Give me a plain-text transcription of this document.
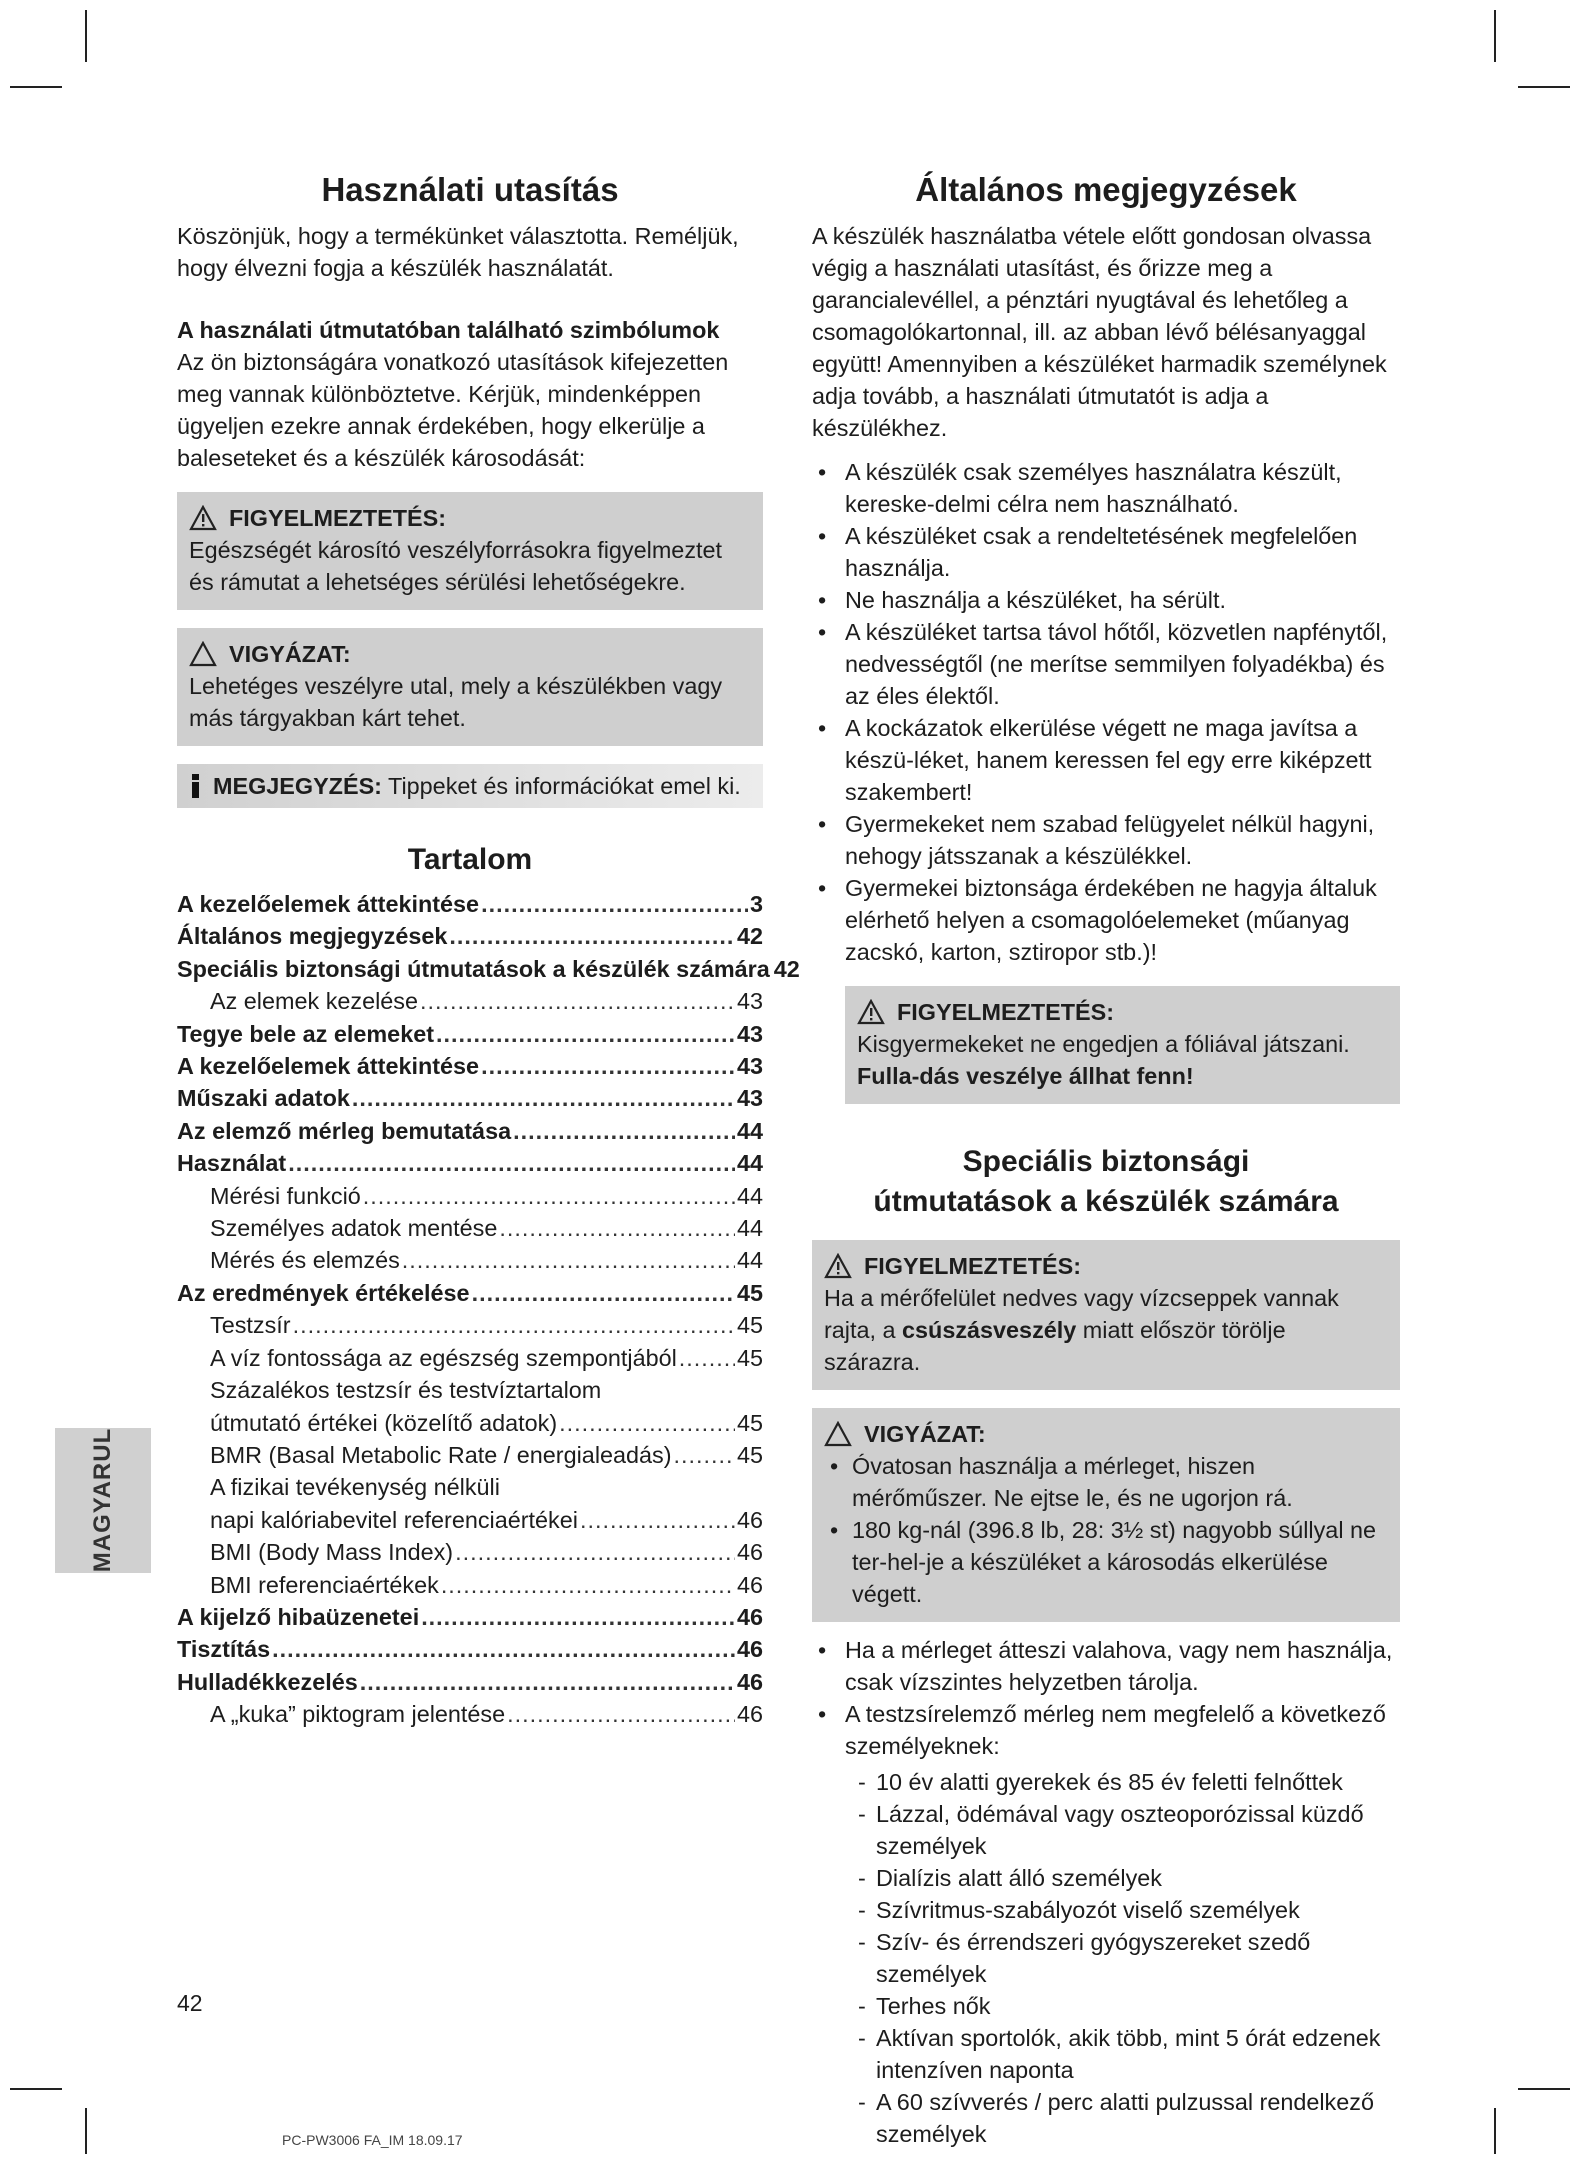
MAGYARUL
Használati utasítás

Köszönjük, hogy a termékünket választotta. Reméljük, hogy élvezni fogja a készülék használatát.

A használati útmutatóban található szimbólumok

Az ön biztonságára vonatkozó utasítások kifejezetten meg vannak különböztetve. Kérjük, mindenképpen ügyeljen ezekre annak érdekében, hogy elkerülje a baleseteket és a készülék károsodását:

FIGYELMEZTETÉS:
Egészségét károsító veszélyforrásokra figyelmeztet és rámutat a lehetséges sérülési lehetőségekre.
VIGYÁZAT:
Lehetéges veszélyre utal, mely a készülékben vagy más tárgyakban kárt tehet.
MEGJEGYZÉS: Tippeket és információkat emel ki.
Tartalom
A kezelőelemek áttekintése .....	3
Általános megjegyzések .....	42
Speciális biztonsági útmutatások a készülék számára 42
Az elemek kezelése .....	43
Tegye bele az elemeket .....	43
A kezelőelemek áttekintése .....	43
Műszaki adatok .....	43
Az elemző mérleg bemutatása .....	44
Használat .....	44
Mérési funkció .....	44
Személyes adatok mentése .....	44
Mérés és elemzés .....	44
Az eredmények értékelése .....	45
Testzsír .....	45
A víz fontossága az egészség szempontjából .....	45
Százalékos testzsír és testvíztartalom
útmutató értékei (közelítő adatok) .....	45
BMR (Basal Metabolic Rate / energialeadás) .....	45
A fizikai tevékenység nélküli
napi kalóriabevitel referenciaértékei .....	46
BMI (Body Mass Index) .....	46
BMI referenciaértékek .....	46
A kijelző hibaüzenetei .....	46
Tisztítás .....	46
Hulladékkezelés .....	46
A „kuka” piktogram jelentése .....	46
Általános megjegyzések

A készülék használatba vétele előtt gondosan olvassa végig a használati utasítást, és őrizze meg a garancialevéllel, a pénztári nyugtával és lehetőleg a csomagolókartonnal, ill. az abban lévő bélésanyaggal együtt! Amennyiben a készüléket harmadik személynek adja tovább, a használati útmutatót is adja a készülékhez.

• A készülék csak személyes használatra készült, kereske-delmi célra nem használható.
• A készüléket csak a rendeltetésének megfelelően használja.
• Ne használja a készüléket, ha sérült.
• A készüléket tartsa távol hőtől, közvetlen napfénytől, nedvességtől (ne merítse semmilyen folyadékba) és az éles élektől.
• A kockázatok elkerülése végett ne maga javítsa a készü-léket, hanem keressen fel egy erre kiképzett szakembert!
• Gyermekeket nem szabad felügyelet nélkül hagyni, nehogy játsszanak a készülékkel.
• Gyermekei biztonsága érdekében ne hagyja általuk elérhető helyen a csomagolóelemeket (műanyag zacskó, karton, sztiropor stb.)!
FIGYELMEZTETÉS:
Kisgyermekeket ne engedjen a fóliával játszani. Fulla-dás veszélye állhat fenn!
Speciális biztonsági
útmutatások a készülék számára
FIGYELMEZTETÉS:
Ha a mérőfelület nedves vagy vízcseppek vannak rajta, a csúszásveszély miatt először törölje szárazra.
VIGYÁZAT:
• Óvatosan használja a mérleget, hiszen mérőműszer. Ne ejtse le, és ne ugorjon rá.
• 180 kg-nál (396.8 lb, 28: 3½ st) nagyobb súllyal ne ter-hel-je a készüléket a károsodás elkerülése végett.
• Ha a mérleget átteszi valahova, vagy nem használja, csak vízszintes helyzetben tárolja.
• A testzsírelemző mérleg nem megfelelő a következő személyeknek:
- 10 év alatti gyerekek és 85 év feletti felnőttek
- Lázzal, ödémával vagy oszteoporózissal küzdő személyek
- Dialízis alatt álló személyek
- Szívritmus-szabályozót viselő személyek
- Szív- és érrendszeri gyógyszereket szedő személyek
- Terhes nők
- Aktívan sportolók, akik több, mint 5 órát edzenek intenzíven naponta
- A 60 szívverés / perc alatti pulzussal rendelkező személyek
42
PC-PW3006 FA_IM 18.09.17
